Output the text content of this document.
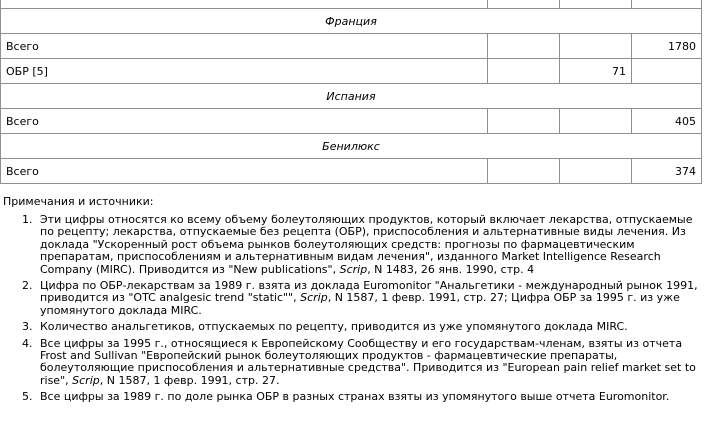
Франция			
Всего			1780
ОБР [5]		71	
Испания			
Всего			405
Бенилюкс			
Всего			374
Примечания и источники:
1. Эти цифры относятся ко всему объему болеутоляющих продуктов, который включает лекарства, отпускаемые по рецепту; лекарства, отпускаемые без рецепта (ОБР), приспособления и альтернативные виды лечения. Из доклада "Ускоренный рост объема рынков болеутоляющих средств: прогнозы по фармацевтическим препаратам, приспособлениям и альтернативным видам лечения", изданного Market Intelligence Research Company (MIRC). Приводится из "New publications", Scrip, N 1483, 26 янв. 1990, стр. 4
2. Цифра по ОБР-лекарствам за 1989 г. взята из доклада Euromonitor "Анальгетики - международный рынок 1991, приводится из "OTC analgesic trend "static"", Scrip, N 1587, 1 февр. 1991, стр. 27; Цифра ОБР за 1995 г. из уже упомянутого доклада MIRC.
3. Количество анальгетиков, отпускаемых по рецепту, приводится из уже упомянутого доклада MIRC.
4. Все цифры за 1995 г., относящиеся к Европейскому Сообществу и его государствам-членам, взяты из отчета Frost and Sullivan "Европейский рынок болеутоляющих продуктов - фармацевтические препараты, болеутоляющие приспособления и альтернативные средства". Приводится из "European pain relief market set to rise", Scrip, N 1587, 1 февр. 1991, стр. 27.
5. Все цифры за 1989 г. по доле рынка ОБР в разных странах взяты из упомянутого выше отчета Euromonitor.
